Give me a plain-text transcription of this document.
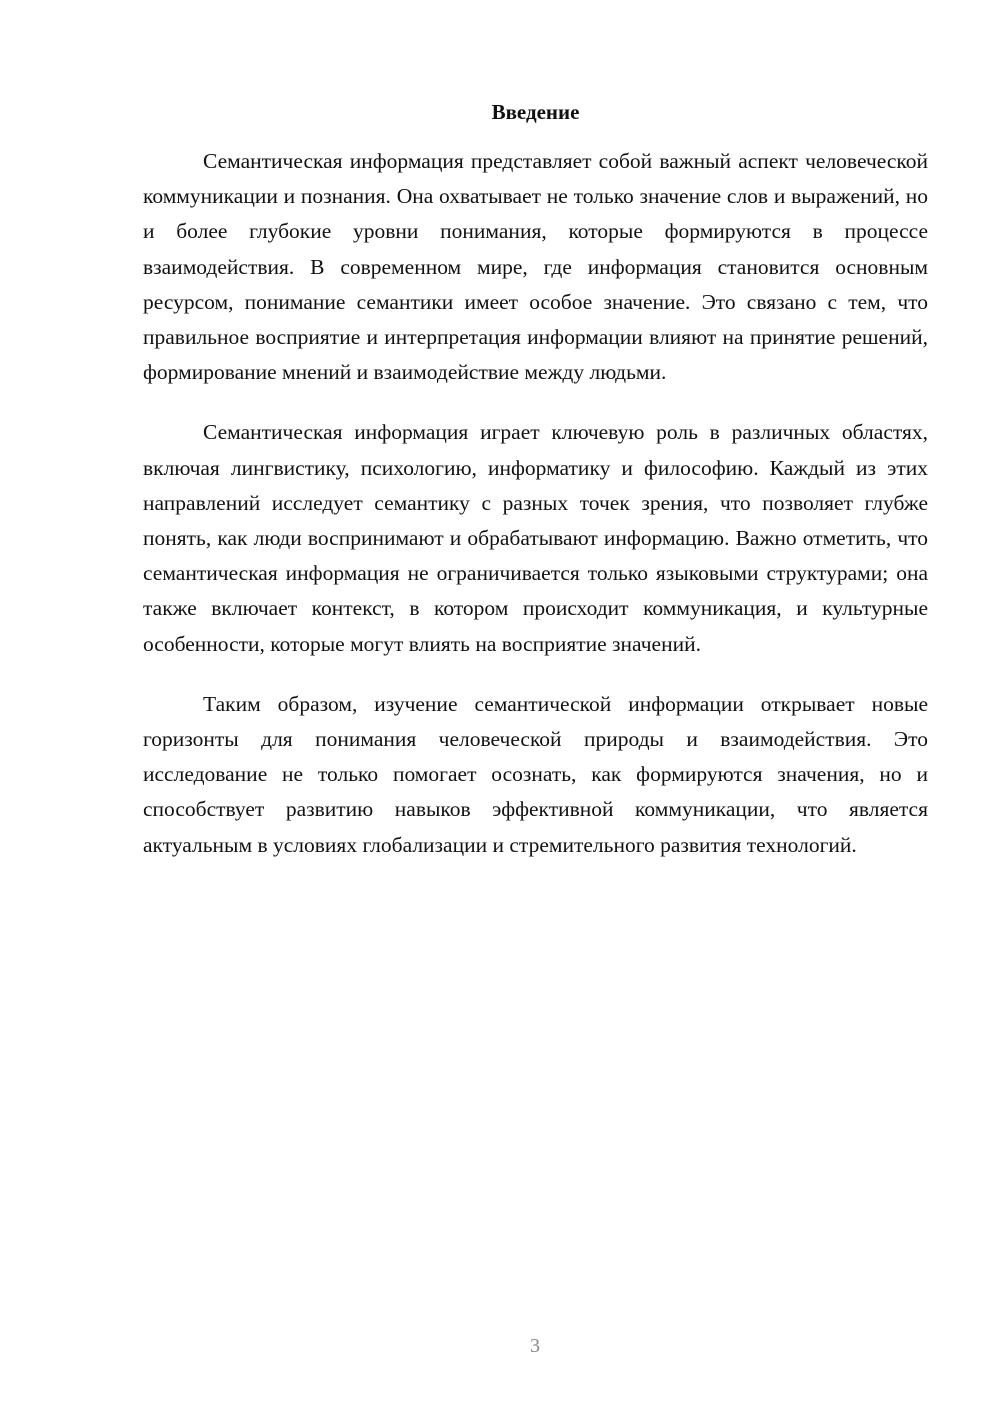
Введение

Семантическая информация представляет собой важный аспект человеческой коммуникации и познания. Она охватывает не только значение слов и выражений, но и более глубокие уровни понимания, которые формируются в процессе взаимодействия. В современном мире, где информация становится основным ресурсом, понимание семантики имеет особое значение. Это связано с тем, что правильное восприятие и интерпретация информации влияют на принятие решений, формирование мнений и взаимодействие между людьми.

Семантическая информация играет ключевую роль в различных областях, включая лингвистику, психологию, информатику и философию. Каждый из этих направлений исследует семантику с разных точек зрения, что позволяет глубже понять, как люди воспринимают и обрабатывают информацию. Важно отметить, что семантическая информация не ограничивается только языковыми структурами; она также включает контекст, в котором происходит коммуникация, и культурные особенности, которые могут влиять на восприятие значений.

Таким образом, изучение семантической информации открывает новые горизонты для понимания человеческой природы и взаимодействия. Это исследование не только помогает осознать, как формируются значения, но и способствует развитию навыков эффективной коммуникации, что является актуальным в условиях глобализации и стремительного развития технологий.

3
